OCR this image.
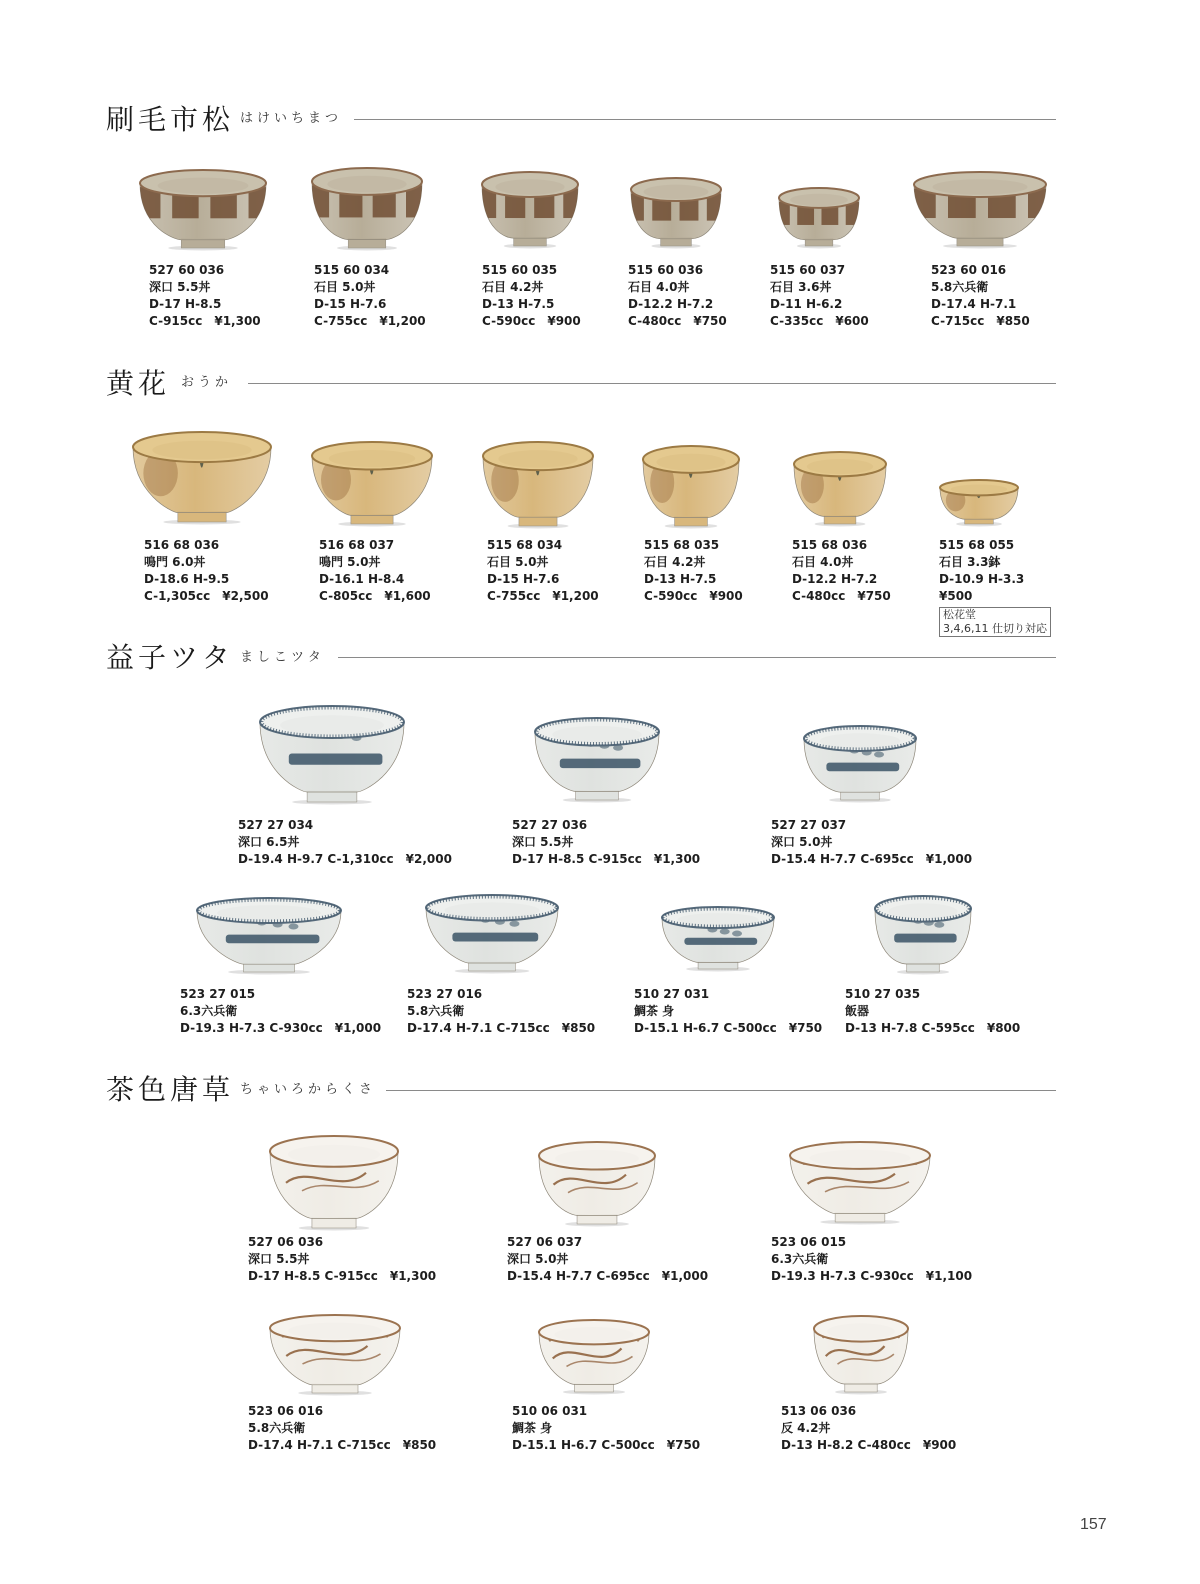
刷毛市松 はけいちまつ
527 60 036
深口 5.5丼
D-17 H-8.5
C-915cc　¥1,300
515 60 034
石目 5.0丼
D-15 H-7.6
C-755cc　¥1,200
515 60 035
石目 4.2丼
D-13 H-7.5
C-590cc　¥900
515 60 036
石目 4.0丼
D-12.2 H-7.2
C-480cc　¥750
515 60 037
石目 3.6丼
D-11 H-6.2
C-335cc　¥600
523 60 016
5.8六兵衛
D-17.4 H-7.1
C-715cc　¥850
黄花 おうか
516 68 036
鳴門 6.0丼
D-18.6 H-9.5
C-1,305cc　¥2,500
516 68 037
鳴門 5.0丼
D-16.1 H-8.4
C-805cc　¥1,600
515 68 034
石目 5.0丼
D-15 H-7.6
C-755cc　¥1,200
515 68 035
石目 4.2丼
D-13 H-7.5
C-590cc　¥900
515 68 036
石目 4.0丼
D-12.2 H-7.2
C-480cc　¥750
515 68 055
石目 3.3鉢
D-10.9 H-3.3
¥500
松花堂
3,4,6,11 仕切り対応
益子ツタ ましこツタ
527 27 034
深口 6.5丼
D-19.4 H-9.7 C-1,310cc　¥2,000
527 27 036
深口 5.5丼
D-17 H-8.5 C-915cc　¥1,300
527 27 037
深口 5.0丼
D-15.4 H-7.7 C-695cc　¥1,000
523 27 015
6.3六兵衛
D-19.3 H-7.3 C-930cc　¥1,000
523 27 016
5.8六兵衛
D-17.4 H-7.1 C-715cc　¥850
510 27 031
鯛茶 身
D-15.1 H-6.7 C-500cc　¥750
510 27 035
飯器
D-13 H-7.8 C-595cc　¥800
茶色唐草 ちゃいろからくさ
527 06 036
深口 5.5丼
D-17 H-8.5 C-915cc　¥1,300
527 06 037
深口 5.0丼
D-15.4 H-7.7 C-695cc　¥1,000
523 06 015
6.3六兵衛
D-19.3 H-7.3 C-930cc　¥1,100
523 06 016
5.8六兵衛
D-17.4 H-7.1 C-715cc　¥850
510 06 031
鯛茶 身
D-15.1 H-6.7 C-500cc　¥750
513 06 036
反 4.2丼
D-13 H-8.2 C-480cc　¥900
157
